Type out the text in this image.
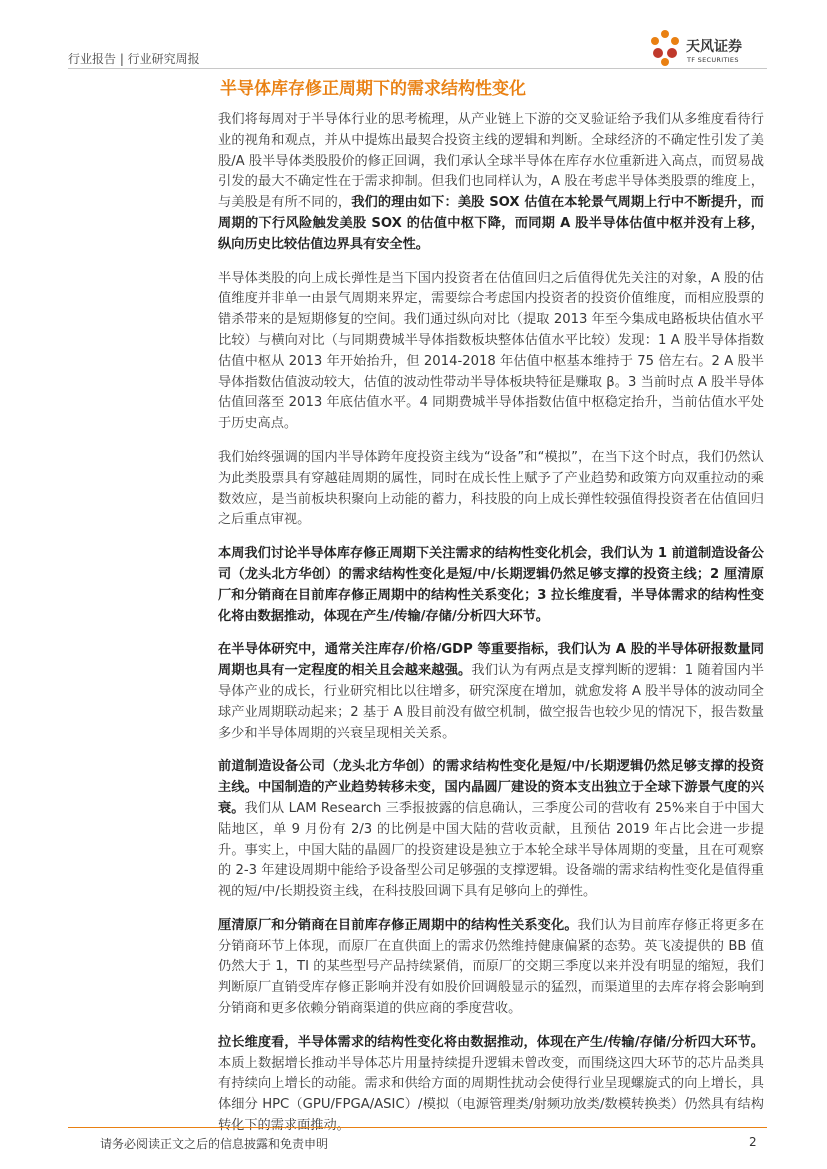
行业报告 | 行业研究周报
天风证券
TF SECURITIES
半导体库存修正周期下的需求结构性变化

我们将每周对于半导体行业的思考梳理，从产业链上下游的交叉验证给予我们从多维度看待行业的视角和观点，并从中提炼出最契合投资主线的逻辑和判断。全球经济的不确定性引发了美股/A 股半导体类股股价的修正回调，我们承认全球半导体在库存水位重新进入高点，而贸易战引发的最大不确定性在于需求抑制。但我们也同样认为，A 股在考虑半导体类股票的维度上，与美股是有所不同的，我们的理由如下：美股 SOX 估值在本轮景气周期上行中不断提升，而周期的下行风险触发美股 SOX 的估值中枢下降，而同期 A 股半导体估值中枢并没有上移，纵向历史比较估值边界具有安全性。

半导体类股的向上成长弹性是当下国内投资者在估值回归之后值得优先关注的对象，A 股的估值维度并非单一由景气周期来界定，需要综合考虑国内投资者的投资价值维度，而相应股票的错杀带来的是短期修复的空间。我们通过纵向对比（提取 2013 年至今集成电路板块估值水平比较）与横向对比（与同期费城半导体指数板块整体估值水平比较）发现：1 A 股半导体指数估值中枢从 2013 年开始抬升，但 2014-2018 年估值中枢基本维持于 75 倍左右。2 A 股半导体指数估值波动较大，估值的波动性带动半导体板块特征是赚取 β。3 当前时点 A 股半导体估值回落至 2013 年底估值水平。4 同期费城半导体指数估值中枢稳定抬升，当前估值水平处于历史高点。

我们始终强调的国内半导体跨年度投资主线为“设备”和“模拟”，在当下这个时点，我们仍然认为此类股票具有穿越硅周期的属性，同时在成长性上赋予了产业趋势和政策方向双重拉动的乘数效应，是当前板块积聚向上动能的蓄力，科技股的向上成长弹性较强值得投资者在估值回归之后重点审视。

本周我们讨论半导体库存修正周期下关注需求的结构性变化机会，我们认为 1 前道制造设备公司（龙头北方华创）的需求结构性变化是短/中/长期逻辑仍然足够支撑的投资主线；2 厘清原厂和分销商在目前库存修正周期中的结构性关系变化；3 拉长维度看，半导体需求的结构性变化将由数据推动，体现在产生/传输/存储/分析四大环节。

在半导体研究中，通常关注库存/价格/GDP 等重要指标，我们认为 A 股的半导体研报数量同周期也具有一定程度的相关且会越来越强。我们认为有两点是支撑判断的逻辑：1 随着国内半导体产业的成长，行业研究相比以往增多，研究深度在增加，就愈发将 A 股半导体的波动同全球产业周期联动起来；2 基于 A 股目前没有做空机制，做空报告也较少见的情况下，报告数量多少和半导体周期的兴衰呈现相关关系。

前道制造设备公司（龙头北方华创）的需求结构性变化是短/中/长期逻辑仍然足够支撑的投资主线。中国制造的产业趋势转移未变，国内晶圆厂建设的资本支出独立于全球下游景气度的兴衰。我们从 LAM Research 三季报披露的信息确认，三季度公司的营收有 25%来自于中国大陆地区，单 9 月份有 2/3 的比例是中国大陆的营收贡献，且预估 2019 年占比会进一步提升。事实上，中国大陆的晶圆厂的投资建设是独立于本轮全球半导体周期的变量，且在可观察的 2-3 年建设周期中能给予设备型公司足够强的支撑逻辑。设备端的需求结构性变化是值得重视的短/中/长期投资主线，在科技股回调下具有足够向上的弹性。

厘清原厂和分销商在目前库存修正周期中的结构性关系变化。我们认为目前库存修正将更多在分销商环节上体现，而原厂在直供面上的需求仍然维持健康偏紧的态势。英飞凌提供的 BB 值仍然大于 1，TI 的某些型号产品持续紧俏，而原厂的交期三季度以来并没有明显的缩短，我们判断原厂直销受库存修正影响并没有如股价回调般显示的猛烈，而渠道里的去库存将会影响到分销商和更多依赖分销商渠道的供应商的季度营收。

拉长维度看，半导体需求的结构性变化将由数据推动，体现在产生/传输/存储/分析四大环节。本质上数据增长推动半导体芯片用量持续提升逻辑未曾改变，而围绕这四大环节的芯片品类具有持续向上增长的动能。需求和供给方面的周期性扰动会使得行业呈现螺旋式的向上增长，具体细分 HPC（GPU/FPGA/ASIC）/模拟（电源管理类/射频功放类/数模转换类）仍然具有结构转化下的需求面推动。

请务必阅读正文之后的信息披露和免责申明	2
